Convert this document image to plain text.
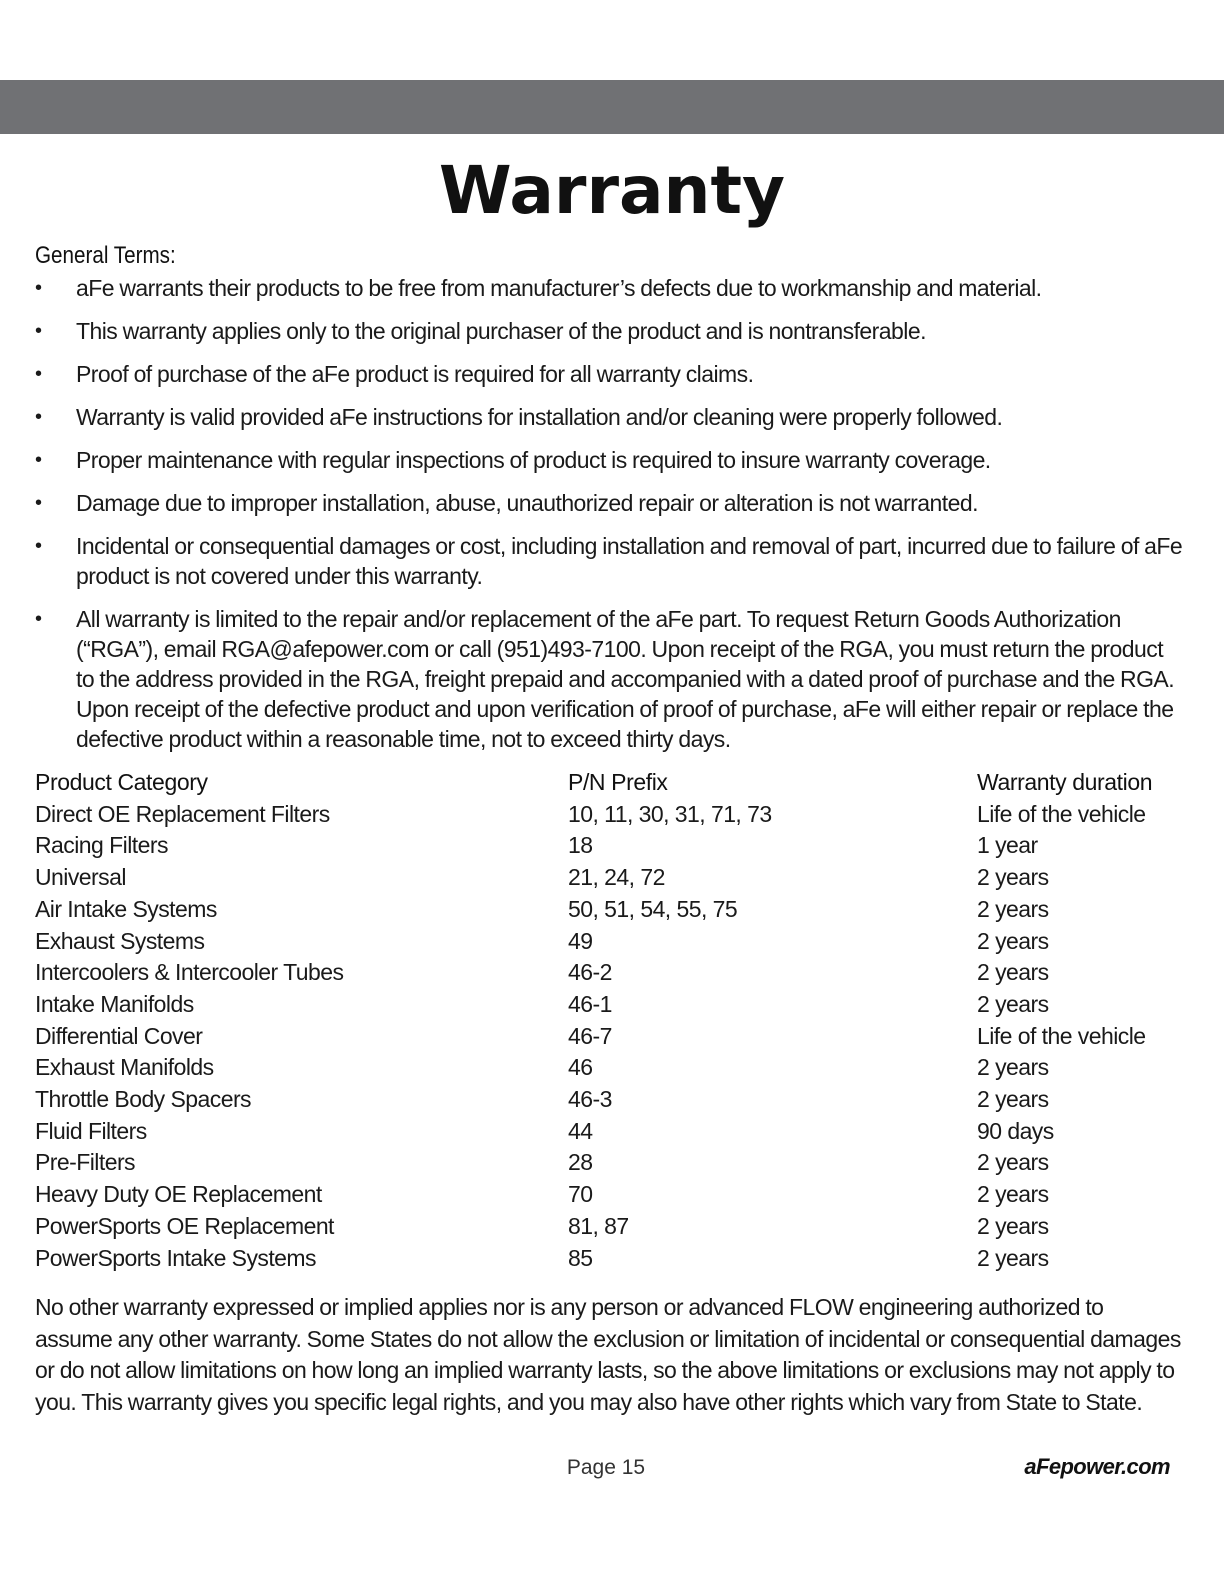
Warranty
General Terms:
• aFe warrants their products to be free from manufacturer’s defects due to workmanship and material.
• This warranty applies only to the original purchaser of the product and is nontransferable.
• Proof of purchase of the aFe product is required for all warranty claims.
• Warranty is valid provided aFe instructions for installation and/or cleaning were properly followed.
• Proper maintenance with regular inspections of product is required to insure warranty coverage.
• Damage due to improper installation, abuse, unauthorized repair or alteration is not warranted.
• Incidental or consequential damages or cost, including installation and removal of part, incurred due to failure of aFe product is not covered under this warranty.
• All warranty is limited to the repair and/or replacement of the aFe part. To request Return Goods Authorization (“RGA”), email RGA@afepower.com or call (951)493-7100. Upon receipt of the RGA, you must return the product to the address provided in the RGA, freight prepaid and accompanied with a dated proof of purchase and the RGA. Upon receipt of the defective product and upon verification of proof of purchase, aFe will either repair or replace the defective product within a reasonable time, not to exceed thirty days.
Product Category	P/N Prefix	Warranty duration
Direct OE Replacement Filters	10, 11, 30, 31, 71, 73	Life of the vehicle
Racing Filters	18	1 year
Universal	21, 24, 72	2 years
Air Intake Systems	50, 51, 54, 55, 75	2 years
Exhaust Systems	49	2 years
Intercoolers & Intercooler Tubes	46-2	2 years
Intake Manifolds	46-1	2 years
Differential Cover	46-7	Life of the vehicle
Exhaust Manifolds	46	2 years
Throttle Body Spacers	46-3	2 years
Fluid Filters	44	90 days
Pre-Filters	28	2 years
Heavy Duty OE Replacement	70	2 years
PowerSports OE Replacement	81, 87	2 years
PowerSports Intake Systems	85	2 years

No other warranty expressed or implied applies nor is any person or advanced FLOW engineering authorized to assume any other warranty. Some States do not allow the exclusion or limitation of incidental or consequential damages or do not allow limitations on how long an implied warranty lasts, so the above limitations or exclusions may not apply to you. This warranty gives you specific legal rights, and you may also have other rights which vary from State to State.

Page 15	aFepower.com
